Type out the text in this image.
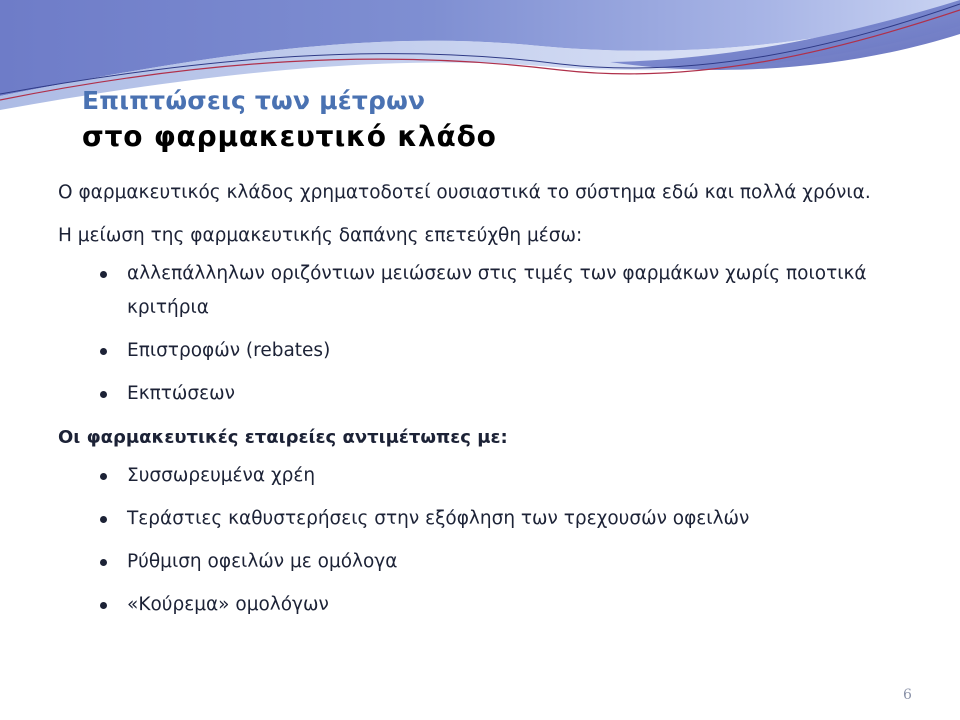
Επιπτώσεις των μέτρων
στο φαρμακευτικό κλάδο

Ο φαρμακευτικός κλάδος χρηματοδοτεί ουσιαστικά το σύστημα εδώ και πολλά χρόνια.

Η μείωση της φαρμακευτικής δαπάνης επετεύχθη μέσω:

αλλεπάλληλων οριζόντιων μειώσεων στις τιμές των φαρμάκων χωρίς ποιοτικά κριτήρια
Επιστροφών (rebates)
Εκπτώσεων

Οι φαρμακευτικές εταιρείες αντιμέτωπες με:

Συσσωρευμένα χρέη
Τεράστιες καθυστερήσεις στην εξόφληση των τρεχουσών οφειλών
Ρύθμιση οφειλών με ομόλογα
«Κούρεμα» ομολόγων
6
